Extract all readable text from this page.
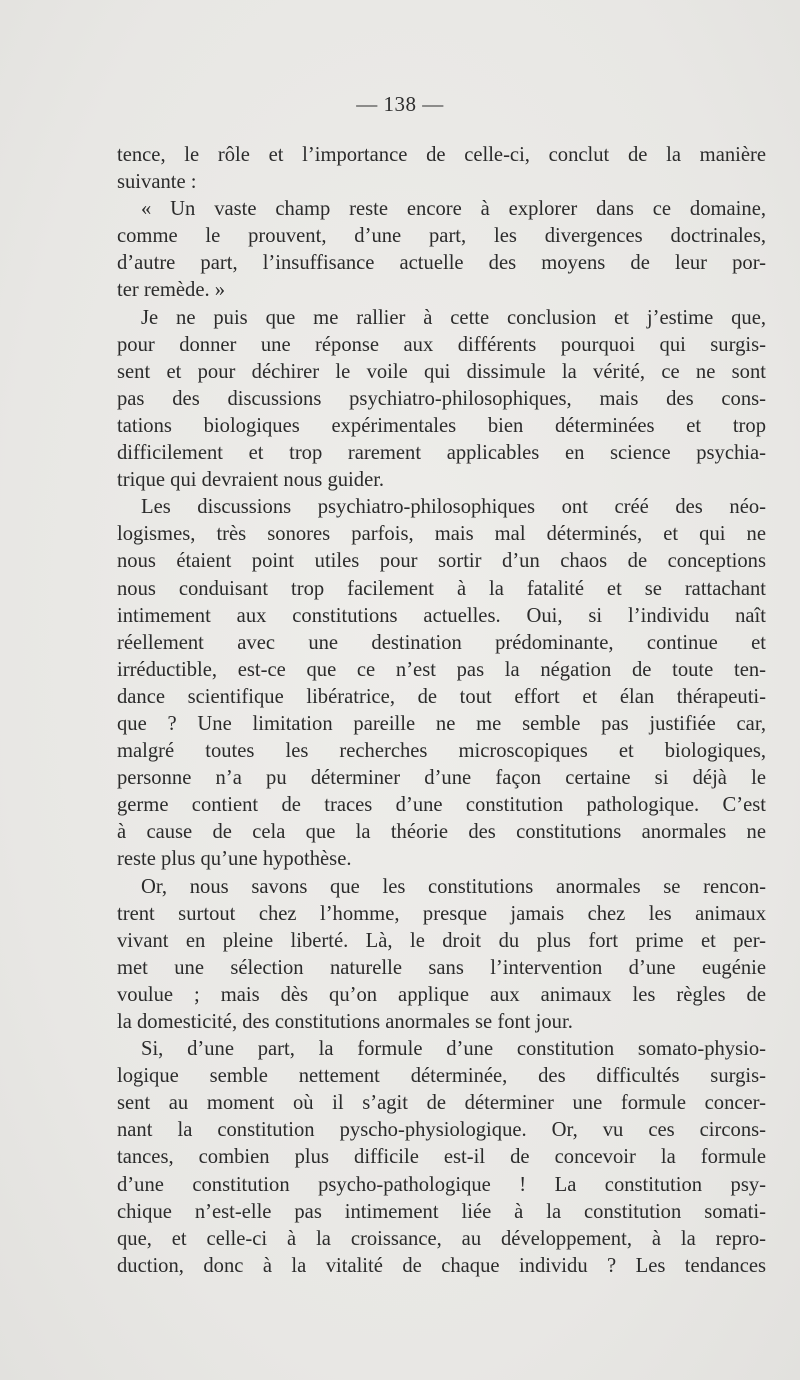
— 138 —
tence, le rôle et l’importance de celle-ci, conclut de la manière
suivante :
« Un vaste champ reste encore à explorer dans ce domaine,
comme le prouvent, d’une part, les divergences doctrinales,
d’autre part, l’insuffisance actuelle des moyens de leur por-
ter remède. »
Je ne puis que me rallier à cette conclusion et j’estime que,
pour donner une réponse aux différents pourquoi qui surgis-
sent et pour déchirer le voile qui dissimule la vérité, ce ne sont
pas des discussions psychiatro-philosophiques, mais des cons-
tations biologiques expérimentales bien déterminées et trop
difficilement et trop rarement applicables en science psychia-
trique qui devraient nous guider.
Les discussions psychiatro-philosophiques ont créé des néo-
logismes, très sonores parfois, mais mal déterminés, et qui ne
nous étaient point utiles pour sortir d’un chaos de conceptions
nous conduisant trop facilement à la fatalité et se rattachant
intimement aux constitutions actuelles. Oui, si l’individu naît
réellement avec une destination prédominante, continue et
irréductible, est-ce que ce n’est pas la négation de toute ten-
dance scientifique libératrice, de tout effort et élan thérapeuti-
que ? Une limitation pareille ne me semble pas justifiée car,
malgré toutes les recherches microscopiques et biologiques,
personne n’a pu déterminer d’une façon certaine si déjà le
germe contient de traces d’une constitution pathologique. C’est
à cause de cela que la théorie des constitutions anormales ne
reste plus qu’une hypothèse.
Or, nous savons que les constitutions anormales se rencon-
trent surtout chez l’homme, presque jamais chez les animaux
vivant en pleine liberté. Là, le droit du plus fort prime et per-
met une sélection naturelle sans l’intervention d’une eugénie
voulue ; mais dès qu’on applique aux animaux les règles de
la domesticité, des constitutions anormales se font jour.
Si, d’une part, la formule d’une constitution somato-physio-
logique semble nettement déterminée, des difficultés surgis-
sent au moment où il s’agit de déterminer une formule concer-
nant la constitution pyscho-physiologique. Or, vu ces circons-
tances, combien plus difficile est-il de concevoir la formule
d’une constitution psycho-pathologique ! La constitution psy-
chique n’est-elle pas intimement liée à la constitution somati-
que, et celle-ci à la croissance, au développement, à la repro-
duction, donc à la vitalité de chaque individu ? Les tendances
